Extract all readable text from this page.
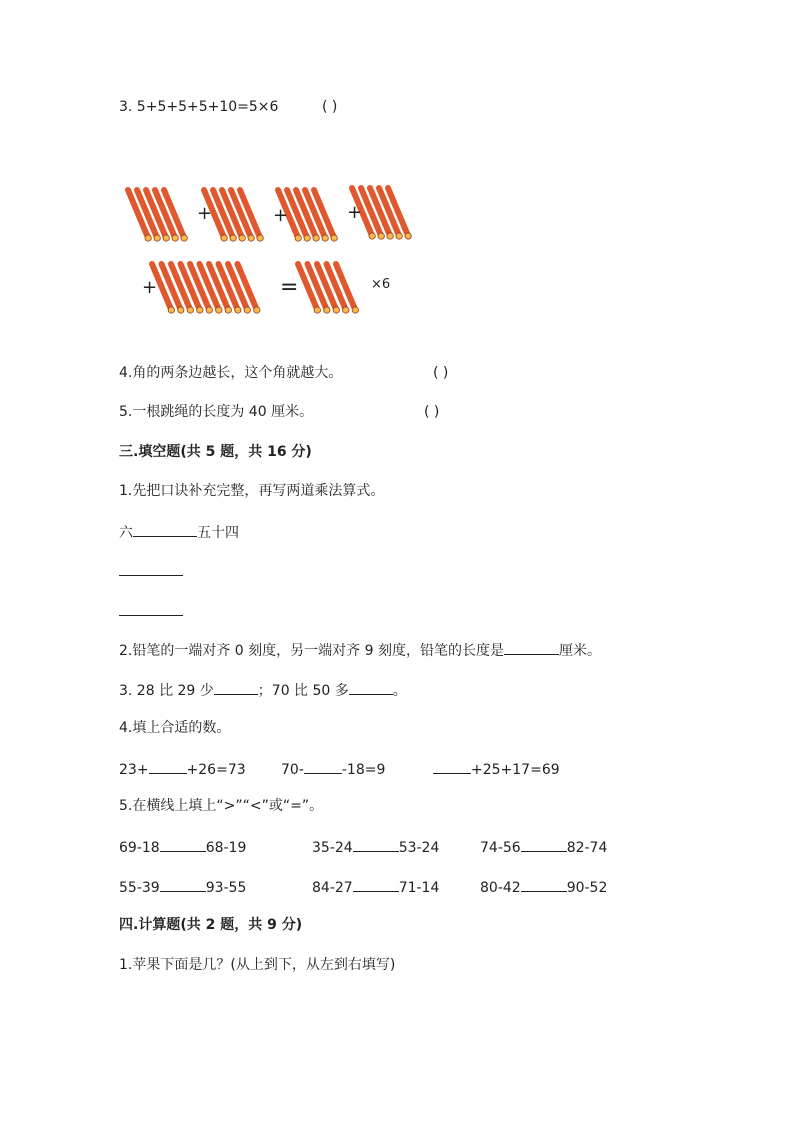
3. 5+5+5+5+10=5×6	( )
+	+	+
+	=	×6
4.角的两条边越长，这个角就越大。	( )
5.一根跳绳的长度为 40 厘米。	( )
三.填空题(共 5 题，共 16 分)
1.先把口诀补充完整，再写两道乘法算式。
六	五十四
2.铅笔的一端对齐 0 刻度，另一端对齐 9 刻度，铅笔的长度是	厘米。
3. 28 比 29 少	；70 比 50 多	。
4.填上合适的数。
23+	+26=73	70-	-18=9	+25+17=69
5.在横线上填上“>”“<”或“=”。
69-18	68-19	35-24	53-24	74-56	82-74
55-39	93-55	84-27	71-14	80-42	90-52
四.计算题(共 2 题，共 9 分)
1.苹果下面是几？(从上到下，从左到右填写)
